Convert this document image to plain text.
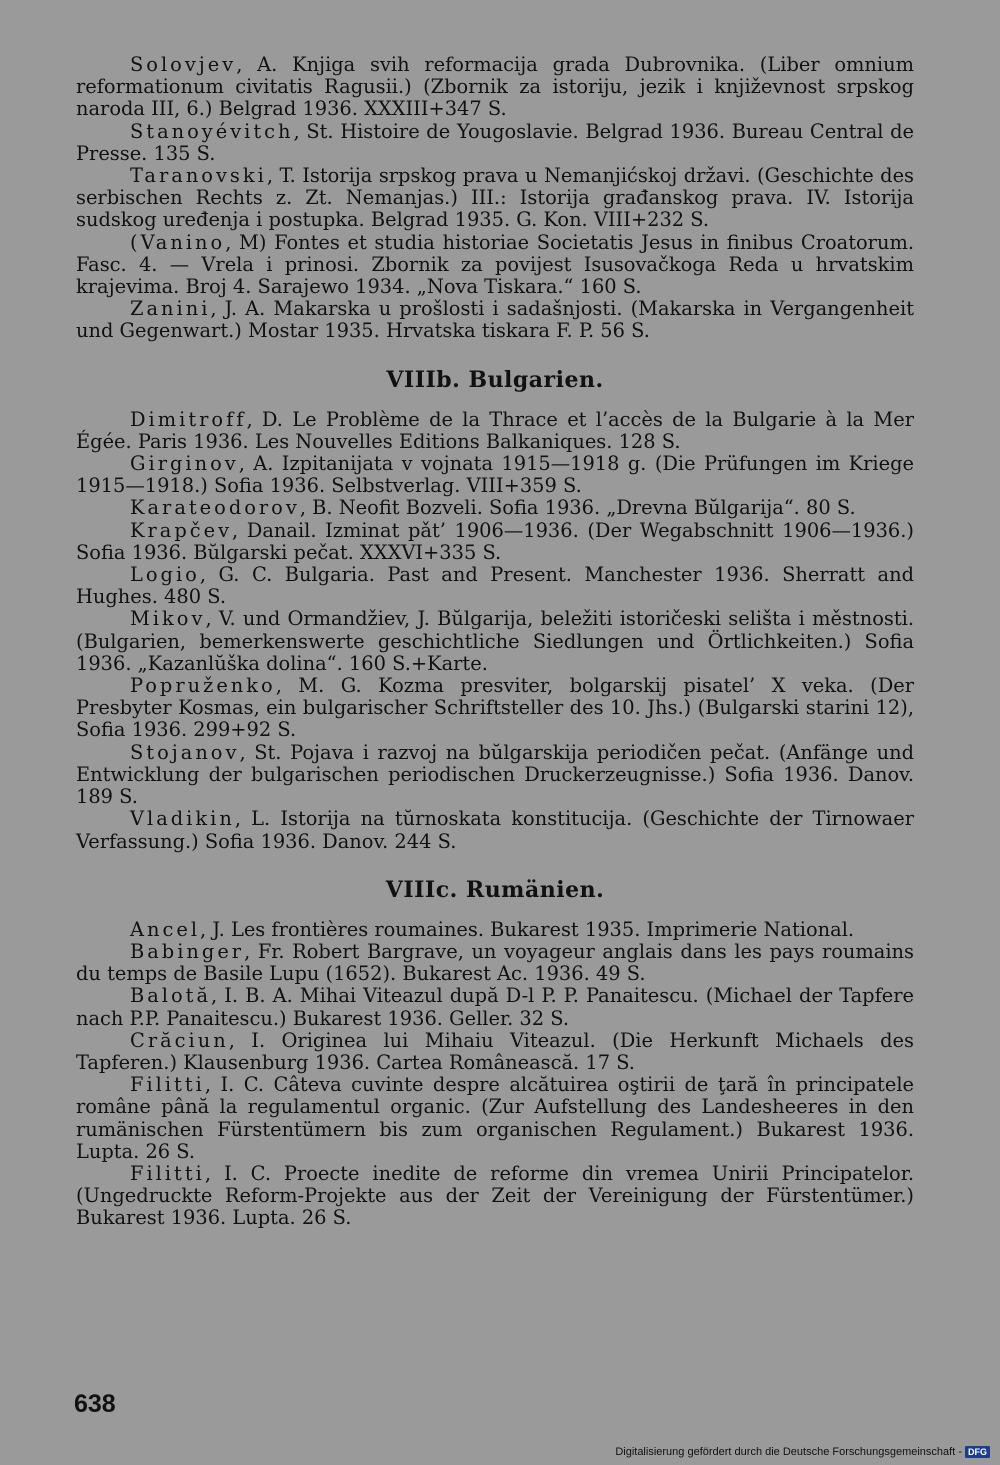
Solovjev, A. Knjiga svih reformacija grada Dubrovnika. (Liber omnium reformationum civitatis Ragusii.) (Zbornik za istoriju, jezik i književnost srpskog naroda III, 6.) Belgrad 1936. XXXIII+347 S.

Stanoyévitch, St. Histoire de Yougoslavie. Belgrad 1936. Bureau Central de Presse. 135 S.

Taranovski, T. Istorija srpskog prava u Nemanjićskoj državi. (Geschichte des serbischen Rechts z. Zt. Nemanjas.) III.: Istorija građanskog prava. IV. Istorija sudskog uređenja i postupka. Belgrad 1935. G. Kon. VIII+232 S.

(Vanino, M) Fontes et studia historiae Societatis Jesus in finibus Croatorum. Fasc. 4. — Vrela i prinosi. Zbornik za povijest Isusovačkoga Reda u hrvatskim krajevima. Broj 4. Sarajewo 1934. „Nova Tiskara.“ 160 S.

Zanini, J. A. Makarska u prošlosti i sadašnjosti. (Makarska in Vergangenheit und Gegenwart.) Mostar 1935. Hrvatska tiskara F. P. 56 S.

VIIIb. Bulgarien.

Dimitroff, D. Le Problème de la Thrace et l’accès de la Bulgarie à la Mer Égée. Paris 1936. Les Nouvelles Editions Balkaniques. 128 S.

Girginov, A. Izpitanijata v vojnata 1915—1918 g. (Die Prüfungen im Kriege 1915—1918.) Sofia 1936. Selbstverlag. VIII+359 S.

Karateodorov, B. Neofit Bozveli. Sofia 1936. „Drevna Bŭlgarija“. 80 S.

Krapčev, Danail. Izminat pǎt’ 1906—1936. (Der Wegabschnitt 1906—1936.) Sofia 1936. Bŭlgarski pečat. XXXVI+335 S.

Logio, G. C. Bulgaria. Past and Present. Manchester 1936. Sherratt and Hughes. 480 S.

Mikov, V. und Ormandžiev, J. Bŭlgarija, beležiti istoričeski selišta i městnosti. (Bulgarien, bemerkenswerte geschichtliche Siedlungen und Örtlichkeiten.) Sofia 1936. „Kazanlŭška dolina“. 160 S.+Karte.

Popruženko, M. G. Kozma presviter, bolgarskij pisatel’ X veka. (Der Presbyter Kosmas, ein bulgarischer Schriftsteller des 10. Jhs.) (Bulgarski starini 12), Sofia 1936. 299+92 S.

Stojanov, St. Pojava i razvoj na bŭlgarskija periodičen pečat. (Anfänge und Entwicklung der bulgarischen periodischen Druckerzeugnisse.) Sofia 1936. Danov. 189 S.

Vladikin, L. Istorija na tŭrnoskata konstitucija. (Geschichte der Tirnowaer Verfassung.) Sofia 1936. Danov. 244 S.

VIIIc. Rumänien.

Ancel, J. Les frontières roumaines. Bukarest 1935. Imprimerie National.

Babinger, Fr. Robert Bargrave, un voyageur anglais dans les pays roumains du temps de Basile Lupu (1652). Bukarest Ac. 1936. 49 S.

Balotă, I. B. A. Mihai Viteazul după D-l P. P. Panaitescu. (Michael der Tapfere nach P.P. Panaitescu.) Bukarest 1936. Geller. 32 S.

Crăciun, I. Originea lui Mihaiu Viteazul. (Die Herkunft Michaels des Tapferen.) Klausenburg 1936. Cartea Românească. 17 S.

Filitti, I. C. Câteva cuvinte despre alcătuirea oştirii de ţară în principatele române până la regulamentul organic. (Zur Aufstellung des Landesheeres in den rumänischen Fürstentümern bis zum organischen Regulament.) Bukarest 1936. Lupta. 26 S.

Filitti, I. C. Proecte inedite de reforme din vremea Unirii Principatelor. (Ungedruckte Reform-Projekte aus der Zeit der Vereinigung der Fürstentümer.) Bukarest 1936. Lupta. 26 S.

638
Digitalisierung gefördert durch die Deutsche Forschungsgemeinschaft - DFG
